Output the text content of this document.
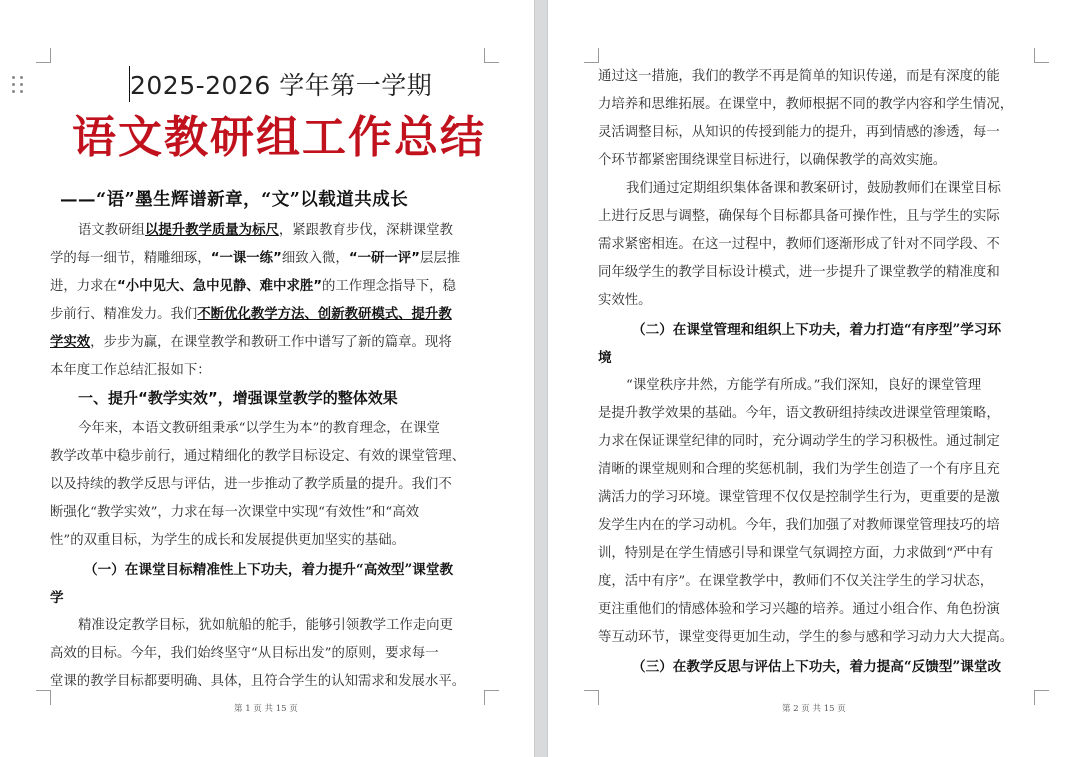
2025-2026 学年第一学期
语文教研组工作总结
——“语”墨生辉谱新章，“文”以载道共成长
语文教研组以提升教学质量为标尺，紧跟教育步伐，深耕课堂教
学的每一细节，精雕细琢，“一课一练”细致入微，“一研一评”层层推
进，力求在“小中见大、急中见静、难中求胜”的工作理念指导下，稳
步前行、精准发力。我们不断优化教学方法、创新教研模式、提升教
学实效，步步为赢，在课堂教学和教研工作中谱写了新的篇章。现将
本年度工作总结汇报如下：
一、提升“教学实效”，增强课堂教学的整体效果
今年来，本语文教研组秉承“以学生为本”的教育理念，在课堂
教学改革中稳步前行，通过精细化的教学目标设定、有效的课堂管理、
以及持续的教学反思与评估，进一步推动了教学质量的提升。我们不
断强化“教学实效”，力求在每一次课堂中实现“有效性”和“高效
性”的双重目标，为学生的成长和发展提供更加坚实的基础。
（一）在课堂目标精准性上下功夫，着力提升“高效型”课堂教
学
精准设定教学目标，犹如航船的舵手，能够引领教学工作走向更
高效的目标。今年，我们始终坚守“从目标出发”的原则，要求每一
堂课的教学目标都要明确、具体，且符合学生的认知需求和发展水平。
第 1 页 共 15 页
通过这一措施，我们的教学不再是简单的知识传递，而是有深度的能
力培养和思维拓展。在课堂中，教师根据不同的教学内容和学生情况，
灵活调整目标，从知识的传授到能力的提升，再到情感的渗透，每一
个环节都紧密围绕课堂目标进行，以确保教学的高效实施。
我们通过定期组织集体备课和教案研讨，鼓励教师们在课堂目标
上进行反思与调整，确保每个目标都具备可操作性，且与学生的实际
需求紧密相连。在这一过程中，教师们逐渐形成了针对不同学段、不
同年级学生的教学目标设计模式，进一步提升了课堂教学的精准度和
实效性。
（二）在课堂管理和组织上下功夫，着力打造“有序型”学习环
境
“课堂秩序井然，方能学有所成。”我们深知，良好的课堂管理
是提升教学效果的基础。今年，语文教研组持续改进课堂管理策略，
力求在保证课堂纪律的同时，充分调动学生的学习积极性。通过制定
清晰的课堂规则和合理的奖惩机制，我们为学生创造了一个有序且充
满活力的学习环境。课堂管理不仅仅是控制学生行为，更重要的是激
发学生内在的学习动机。今年，我们加强了对教师课堂管理技巧的培
训，特别是在学生情感引导和课堂气氛调控方面，力求做到“严中有
度，活中有序”。在课堂教学中，教师们不仅关注学生的学习状态，
更注重他们的情感体验和学习兴趣的培养。通过小组合作、角色扮演
等互动环节，课堂变得更加生动，学生的参与感和学习动力大大提高。
（三）在教学反思与评估上下功夫，着力提高“反馈型”课堂改
第 2 页 共 15 页
